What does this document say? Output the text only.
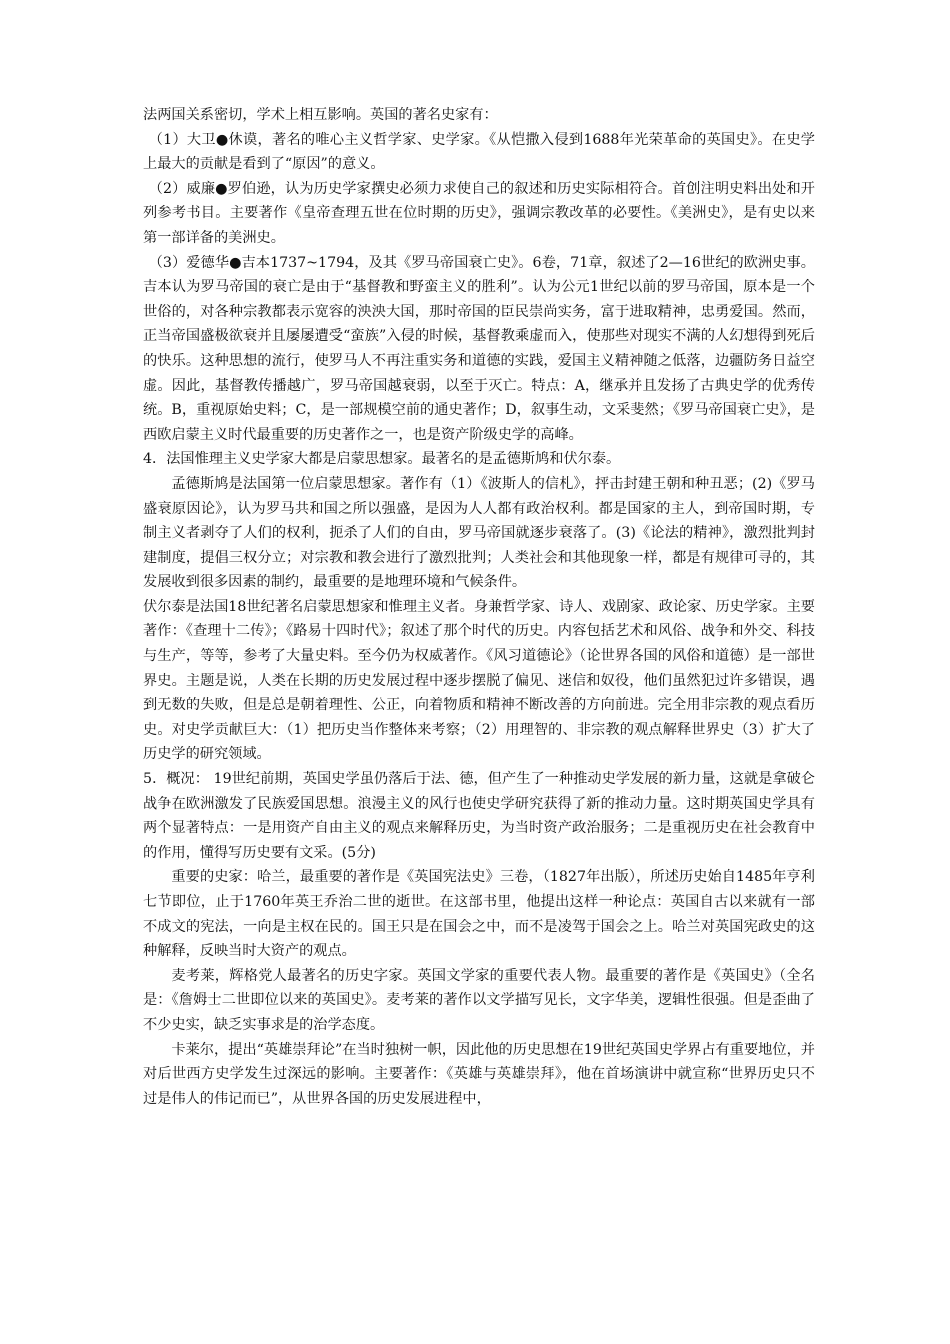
法两国关系密切，学术上相互影响。英国的著名史家有：

（1）大卫●休谟，著名的唯心主义哲学家、史学家。《从恺撒入侵到1688年光荣革命的英国史》。在史学上最大的贡献是看到了“原因”的意义。

（2）威廉●罗伯逊，认为历史学家撰史必须力求使自己的叙述和历史实际相符合。首创注明史料出处和开列参考书目。主要著作《皇帝查理五世在位时期的历史》，强调宗教改革的必要性。《美洲史》，是有史以来第一部详备的美洲史。

（3）爱德华●吉本1737~1794，及其《罗马帝国衰亡史》。6卷，71章，叙述了2—16世纪的欧洲史事。吉本认为罗马帝国的衰亡是由于“基督教和野蛮主义的胜利”。认为公元1世纪以前的罗马帝国，原本是一个世俗的，对各种宗教都表示宽容的泱泱大国，那时帝国的臣民崇尚实务，富于进取精神，忠勇爱国。然而，正当帝国盛极欲衰并且屡屡遭受“蛮族”入侵的时候，基督教乘虚而入，使那些对现实不满的人幻想得到死后的快乐。这种思想的流行，使罗马人不再注重实务和道德的实践，爱国主义精神随之低落，边疆防务日益空虚。因此，基督教传播越广，罗马帝国越衰弱，以至于灭亡。特点：A，继承并且发扬了古典史学的优秀传统。B，重视原始史料；C，是一部规模空前的通史著作；D，叙事生动，文采斐然；《罗马帝国衰亡史》，是西欧启蒙主义时代最重要的历史著作之一，也是资产阶级史学的高峰。

4．法国惟理主义史学家大都是启蒙思想家。最著名的是孟德斯鸠和伏尔泰。

孟德斯鸠是法国第一位启蒙思想家。著作有（1）《波斯人的信札》，抨击封建王朝和种丑恶；(2)《罗马盛衰原因论》，认为罗马共和国之所以强盛，是因为人人都有政治权利。都是国家的主人，到帝国时期，专制主义者剥夺了人们的权利，扼杀了人们的自由，罗马帝国就逐步衰落了。(3)《论法的精神》，激烈批判封建制度，提倡三权分立；对宗教和教会进行了激烈批判；人类社会和其他现象一样，都是有规律可寻的，其发展收到很多因素的制约，最重要的是地理环境和气候条件。

伏尔泰是法国18世纪著名启蒙思想家和惟理主义者。身兼哲学家、诗人、戏剧家、政论家、历史学家。主要著作：《查理十二传》；《路易十四时代》；叙述了那个时代的历史。内容包括艺术和风俗、战争和外交、科技与生产，等等，参考了大量史料。至今仍为权威著作。《风习道德论》（论世界各国的风俗和道德）是一部世界史。主题是说，人类在长期的历史发展过程中逐步摆脱了偏见、迷信和奴役，他们虽然犯过许多错误，遇到无数的失败，但是总是朝着理性、公正，向着物质和精神不断改善的方向前进。完全用非宗教的观点看历史。对史学贡献巨大：（1）把历史当作整体来考察；（2）用理智的、非宗教的观点解释世界史（3）扩大了历史学的研究领域。

5．概况： 19世纪前期，英国史学虽仍落后于法、德，但产生了一种推动史学发展的新力量，这就是拿破仑战争在欧洲激发了民族爱国思想。浪漫主义的风行也使史学研究获得了新的推动力量。这时期英国史学具有两个显著特点：一是用资产自由主义的观点来解释历史，为当时资产政治服务；二是重视历史在社会教育中的作用，懂得写历史要有文采。(5分)

重要的史家：哈兰，最重要的著作是《英国宪法史》三卷，（1827年出版），所述历史始自1485年亨利七节即位，止于1760年英王乔治二世的逝世。在这部书里，他提出这样一种论点：英国自古以来就有一部不成文的宪法，一向是主权在民的。国王只是在国会之中，而不是凌驾于国会之上。哈兰对英国宪政史的这种解释，反映当时大资产的观点。

麦考莱，辉格党人最著名的历史字家。英国文学家的重要代表人物。最重要的著作是《英国史》（全名是：《詹姆士二世即位以来的英国史》。麦考莱的著作以文学描写见长，文字华美，逻辑性很强。但是歪曲了不少史实，缺乏实事求是的治学态度。

卡莱尔，提出“英雄崇拜论”在当时独树一帜，因此他的历史思想在19世纪英国史学界占有重要地位，并对后世西方史学发生过深远的影响。主要著作：《英雄与英雄崇拜》，他在首场演讲中就宣称“世界历史只不过是伟人的伟记而已”，从世界各国的历史发展进程中，
